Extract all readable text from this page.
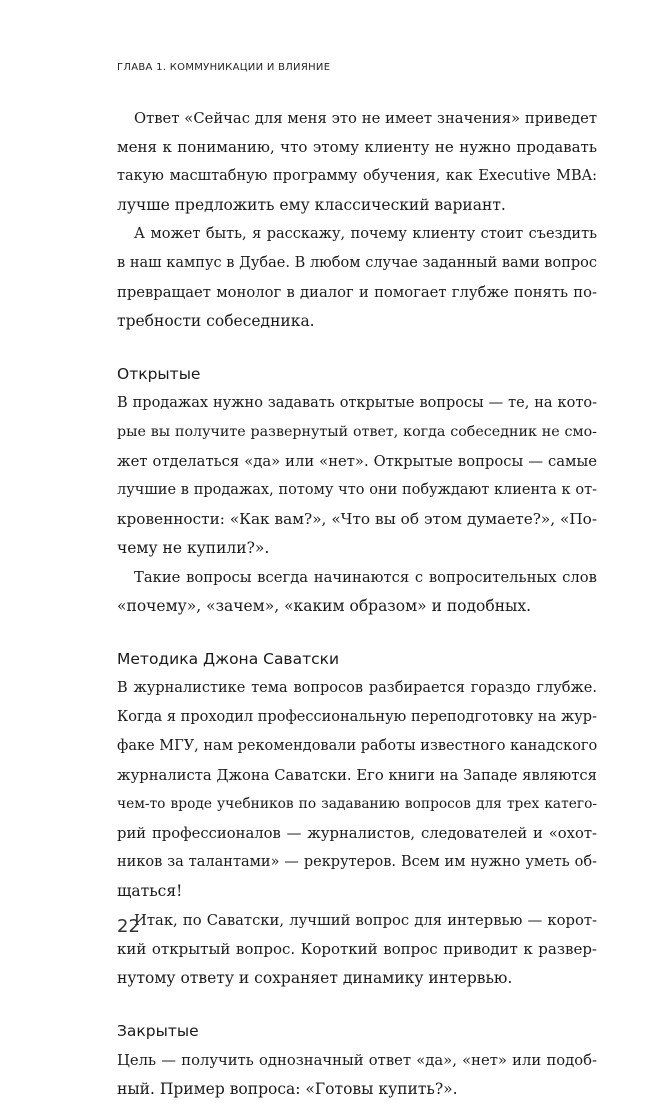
ГЛАВА 1. КОММУНИКАЦИИ И ВЛИЯНИЕ
Ответ «Сейчас для меня это не имеет значения» приведет
меня к пониманию, что этому клиенту не нужно продавать
такую масштабную программу обучения, как Executive MBA:
лучше предложить ему классический вариант.
А может быть, я расскажу, почему клиенту стоит съездить
в наш кампус в Дубае. В любом случае заданный вами вопрос
превращает монолог в диалог и помогает глубже понять по-
требности собеседника.
Открытые
В продажах нужно задавать открытые вопросы — те, на кото-
рые вы получите развернутый ответ, когда собеседник не смо-
жет отделаться «да» или «нет». Открытые вопросы — самые
лучшие в продажах, потому что они побуждают клиента к от-
кровенности: «Как вам?», «Что вы об этом думаете?», «По-
чему не купили?».
Такие вопросы всегда начинаются с вопросительных слов
«почему», «зачем», «каким образом» и подобных.
Методика Джона Саватски
В журналистике тема вопросов разбирается гораздо глубже.
Когда я проходил профессиональную переподготовку на жур-
факе МГУ, нам рекомендовали работы известного канадского
журналиста Джона Саватски. Его книги на Западе являются
чем-то вроде учебников по задаванию вопросов для трех катего-
рий профессионалов — журналистов, следователей и «охот-
ников за талантами» — рекрутеров. Всем им нужно уметь об-
щаться!
Итак, по Саватски, лучший вопрос для интервью — корот-
кий открытый вопрос. Короткий вопрос приводит к развер-
нутому ответу и сохраняет динамику интервью.
Закрытые
Цель — получить однозначный ответ «да», «нет» или подоб-
ный. Пример вопроса: «Готовы купить?».
22
